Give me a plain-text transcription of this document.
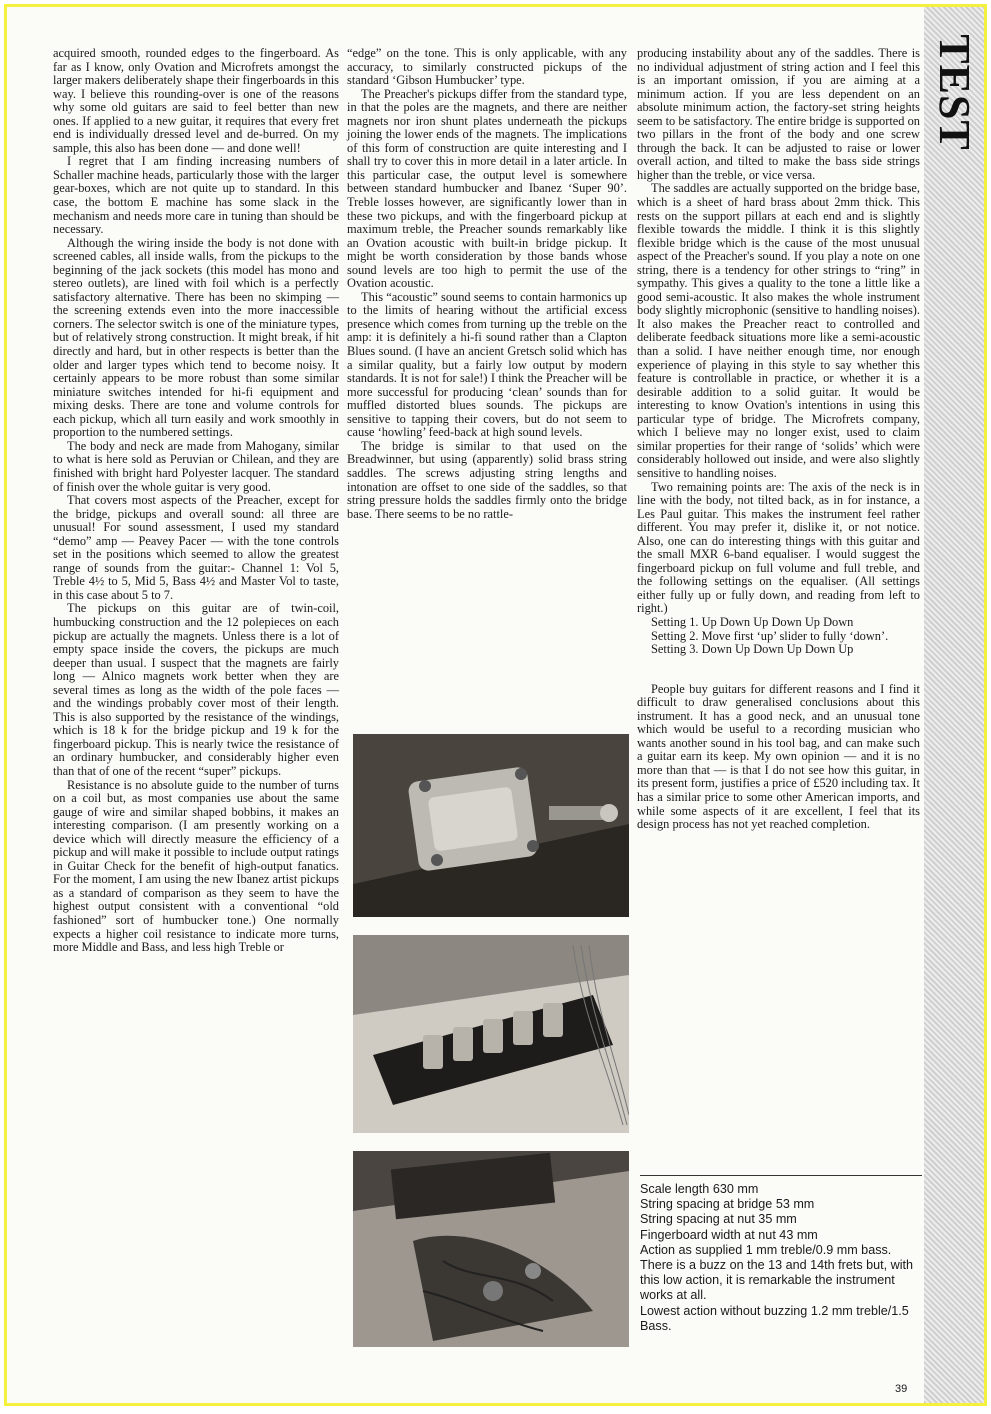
acquired smooth, rounded edges to the fingerboard. As far as I know, only Ovation and Microfrets amongst the larger makers deliberately shape their fingerboards in this way. I believe this rounding-over is one of the reasons why some old guitars are said to feel better than new ones. If applied to a new guitar, it requires that every fret end is individually dressed level and de-burred. On my sample, this also has been done — and done well!

I regret that I am finding increasing numbers of Schaller machine heads, particularly those with the larger gear-boxes, which are not quite up to standard. In this case, the bottom E machine has some slack in the mechanism and needs more care in tuning than should be necessary.

Although the wiring inside the body is not done with screened cables, all inside walls, from the pickups to the beginning of the jack sockets (this model has mono and stereo outlets), are lined with foil which is a perfectly satisfactory alternative. There has been no skimping — the screening extends even into the more inaccessible corners. The selector switch is one of the miniature types, but of relatively strong construction. It might break, if hit directly and hard, but in other respects is better than the older and larger types which tend to become noisy. It certainly appears to be more robust than some similar miniature switches intended for hi-fi equipment and mixing desks. There are tone and volume controls for each pickup, which all turn easily and work smoothly in proportion to the numbered settings.

The body and neck are made from Mahogany, similar to what is here sold as Peruvian or Chilean, and they are finished with bright hard Polyester lacquer. The standard of finish over the whole guitar is very good.

That covers most aspects of the Preacher, except for the bridge, pickups and overall sound: all three are unusual! For sound assessment, I used my standard “demo” amp — Peavey Pacer — with the tone controls set in the positions which seemed to allow the greatest range of sounds from the guitar:- Channel 1: Vol 5, Treble 4½ to 5, Mid 5, Bass 4½ and Master Vol to taste, in this case about 5 to 7.

The pickups on this guitar are of twin-coil, humbucking construction and the 12 polepieces on each pickup are actually the magnets. Unless there is a lot of empty space inside the covers, the pickups are much deeper than usual. I suspect that the magnets are fairly long — Alnico magnets work better when they are several times as long as the width of the pole faces — and the windings probably cover most of their length. This is also supported by the resistance of the windings, which is 18 k for the bridge pickup and 19 k for the fingerboard pickup. This is nearly twice the resistance of an ordinary humbucker, and considerably higher even than that of one of the recent “super” pickups.

Resistance is no absolute guide to the number of turns on a coil but, as most companies use about the same gauge of wire and similar shaped bobbins, it makes an interesting comparison. (I am presently working on a device which will directly measure the efficiency of a pickup and will make it possible to include output ratings in Guitar Check for the benefit of high-output fanatics. For the moment, I am using the new Ibanez artist pickups as a standard of comparison as they seem to have the highest output consistent with a conventional “old fashioned” sort of humbucker tone.) One normally expects a higher coil resistance to indicate more turns, more Middle and Bass, and less high Treble or

“edge” on the tone. This is only applicable, with any accuracy, to similarly constructed pickups of the standard ‘Gibson Humbucker’ type.

The Preacher's pickups differ from the standard type, in that the poles are the magnets, and there are neither magnets nor iron shunt plates underneath the pickups joining the lower ends of the magnets. The implications of this form of construction are quite interesting and I shall try to cover this in more detail in a later article. In this particular case, the output level is somewhere between standard humbucker and Ibanez ‘Super 90’. Treble losses however, are significantly lower than in these two pickups, and with the fingerboard pickup at maximum treble, the Preacher sounds remarkably like an Ovation acoustic with built-in bridge pickup. It might be worth consideration by those bands whose sound levels are too high to permit the use of the Ovation acoustic.

This “acoustic” sound seems to contain harmonics up to the limits of hearing without the artificial excess presence which comes from turning up the treble on the amp: it is definitely a hi-fi sound rather than a Clapton Blues sound. (I have an ancient Gretsch solid which has a similar quality, but a fairly low output by modern standards. It is not for sale!) I think the Preacher will be more successful for producing ‘clean’ sounds than for muffled distorted blues sounds. The pickups are sensitive to tapping their covers, but do not seem to cause ‘howling’ feed-back at high sound levels.

The bridge is similar to that used on the Breadwinner, but using (apparently) solid brass string saddles. The screws adjusting string lengths and intonation are offset to one side of the saddles, so that string pressure holds the saddles firmly onto the bridge base. There seems to be no rattle-

producing instability about any of the saddles. There is no individual adjustment of string action and I feel this is an important omission, if you are aiming at a minimum action. If you are less dependent on an absolute minimum action, the factory-set string heights seem to be satisfactory. The entire bridge is supported on two pillars in the front of the body and one screw through the back. It can be adjusted to raise or lower overall action, and tilted to make the bass side strings higher than the treble, or vice versa.

The saddles are actually supported on the bridge base, which is a sheet of hard brass about 2mm thick. This rests on the support pillars at each end and is slightly flexible towards the middle. I think it is this slightly flexible bridge which is the cause of the most unusual aspect of the Preacher's sound. If you play a note on one string, there is a tendency for other strings to “ring” in sympathy. This gives a quality to the tone a little like a good semi-acoustic. It also makes the whole instrument body slightly microphonic (sensitive to handling noises). It also makes the Preacher react to controlled and deliberate feedback situations more like a semi-acoustic than a solid. I have neither enough time, nor enough experience of playing in this style to say whether this feature is controllable in practice, or whether it is a desirable addition to a solid guitar. It would be interesting to know Ovation's intentions in using this particular type of bridge. The Microfrets company, which I believe may no longer exist, used to claim similar properties for their range of ‘solids’ which were considerably hollowed out inside, and were also slightly sensitive to handling noises.

Two remaining points are: The axis of the neck is in line with the body, not tilted back, as in for instance, a Les Paul guitar. This makes the instrument feel rather different. You may prefer it, dislike it, or not notice. Also, one can do interesting things with this guitar and the small MXR 6-band equaliser. I would suggest the fingerboard pickup on full volume and full treble, and the following settings on the equaliser. (All settings either fully up or fully down, and reading from left to right.)

Setting 1. Up Down Up Down Up Down

Setting 2. Move first ‘up’ slider to fully ‘down’.

Setting 3. Down Up Down Up Down Up

People buy guitars for different reasons and I find it difficult to draw generalised conclusions about this instrument. It has a good neck, and an unusual tone which would be useful to a recording musician who wants another sound in his tool bag, and can make such a guitar earn its keep. My own opinion — and it is no more than that — is that I do not see how this guitar, in its present form, justifies a price of £520 including tax. It has a similar price to some other American imports, and while some aspects of it are excellent, I feel that its design process has not yet reached completion.

Scale length 630 mm
String spacing at bridge 53 mm
String spacing at nut 35 mm
Fingerboard width at nut 43 mm
Action as supplied 1 mm treble/0.9 mm bass.
There is a buzz on the 13 and 14th frets but, with this low action, it is remarkable the instrument works at all.
Lowest action without buzzing 1.2 mm treble/1.5 Bass.
39
TEST
